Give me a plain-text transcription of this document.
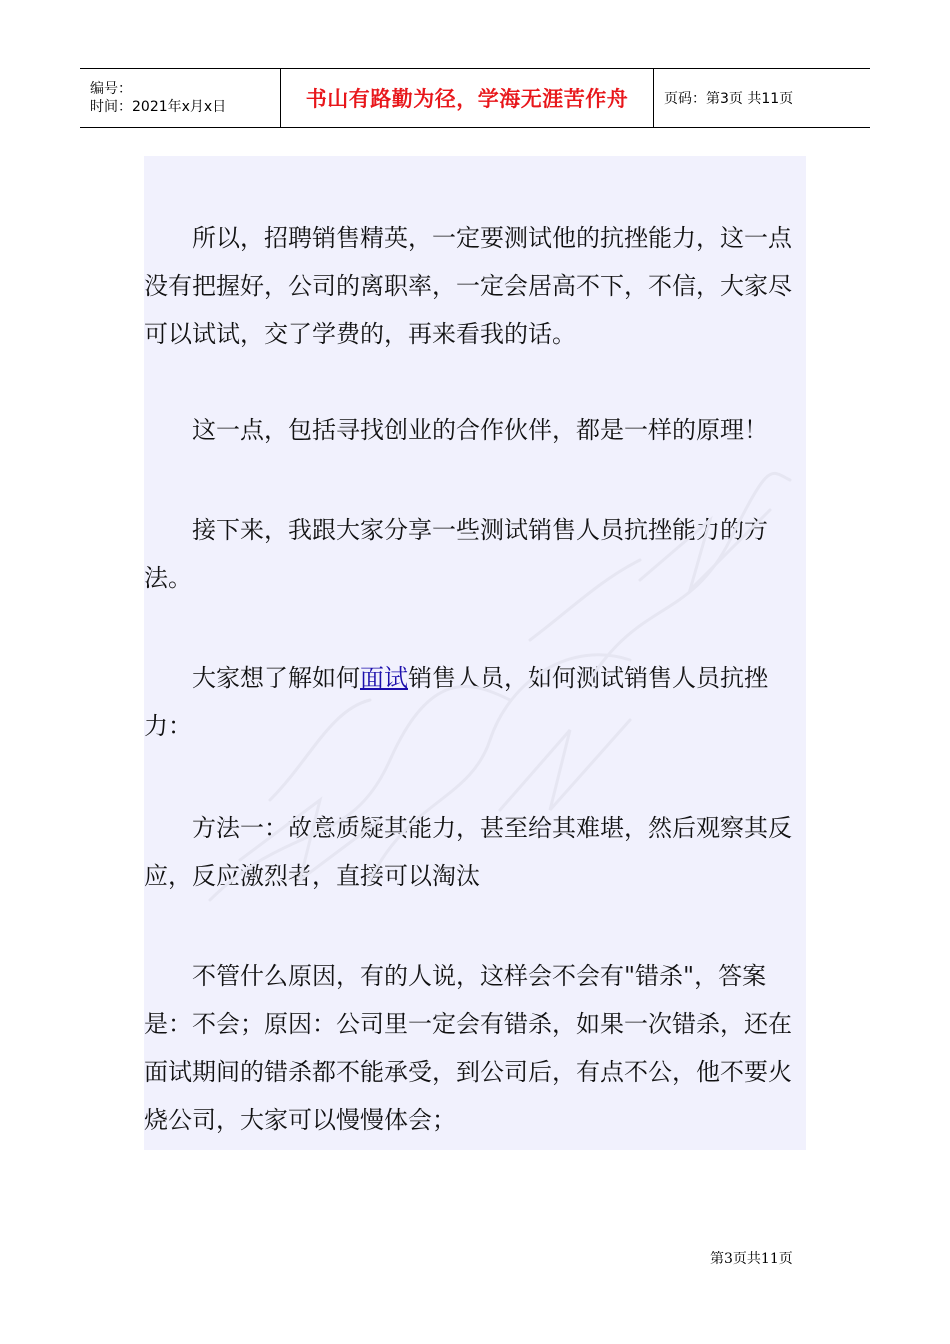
编号：
时间：2021年x月x日	书山有路勤为径，学海无涯苦作舟	页码：第3页 共11页

所以，招聘销售精英，一定要测试他的抗挫能力，这一点没有把握好，公司的离职率，一定会居高不下，不信，大家尽可以试试，交了学费的，再来看我的话。

这一点，包括寻找创业的合作伙伴，都是一样的原理！

接下来，我跟大家分享一些测试销售人员抗挫能力的方法。

大家想了解如何面试销售人员，如何测试销售人员抗挫力：

方法一：故意质疑其能力，甚至给其难堪，然后观察其反应，反应激烈者，直接可以淘汰

不管什么原因，有的人说，这样会不会有"错杀"，答案是：不会；原因：公司里一定会有错杀，如果一次错杀，还在面试期间的错杀都不能承受，到公司后，有点不公，他不要火烧公司，大家可以慢慢体会；

第3页共11页
